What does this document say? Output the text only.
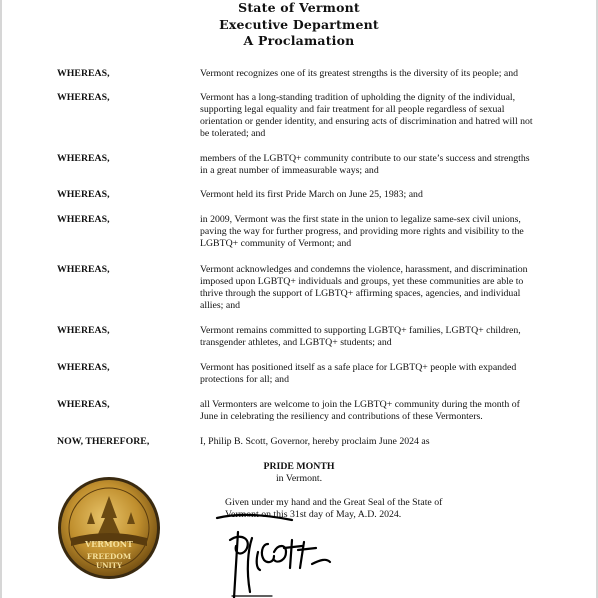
State of Vermont
Executive Department
A Proclamation
WHEREAS,	Vermont recognizes one of its greatest strengths is the diversity of its people; and
WHEREAS,	Vermont has a long-standing tradition of upholding the dignity of the individual,
supporting legal equality and fair treatment for all people regardless of sexual
orientation or gender identity, and ensuring acts of discrimination and hatred will not
be tolerated; and
WHEREAS,	members of the LGBTQ+ community contribute to our state’s success and strengths
in a great number of immeasurable ways; and
WHEREAS,	Vermont held its first Pride March on June 25, 1983; and
WHEREAS,	in 2009, Vermont was the first state in the union to legalize same-sex civil unions,
paving the way for further progress, and providing more rights and visibility to the
LGBTQ+ community of Vermont; and
WHEREAS,	Vermont acknowledges and condemns the violence, harassment, and discrimination
imposed upon LGBTQ+ individuals and groups, yet these communities are able to
thrive through the support of LGBTQ+ affirming spaces, agencies, and individual
allies; and
WHEREAS,	Vermont remains committed to supporting LGBTQ+ families, LGBTQ+ children,
transgender athletes, and LGBTQ+ students; and
WHEREAS,	Vermont has positioned itself as a safe place for LGBTQ+ people with expanded
protections for all; and
WHEREAS,	all Vermonters are welcome to join the LGBTQ+ community during the month of
June in celebrating the resiliency and contributions of these Vermonters.
NOW, THEREFORE,	I, Philip B. Scott, Governor, hereby proclaim June 2024 as
PRIDE MONTH
in Vermont.
Given under my hand and the Great Seal of the State of
Vermont on this 31st day of May, A.D. 2024.
VERMONT
FREEDOM
UNITY
